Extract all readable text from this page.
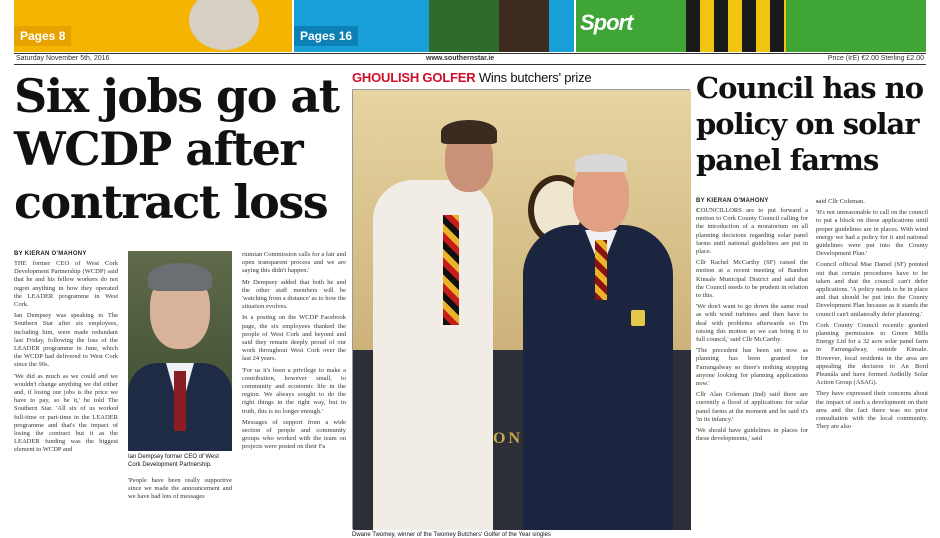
Pages 8	Pages 16
Sport
Saturday November 5th, 2016	www.southernstar.ie	Price (IrE) €2.00 Sterling £2.00
Six jobs go at WCDP after contract loss
BY KIERAN O'MAHONY

THE former CEO of West Cork Development Partnership (WCDP) said that he and his fellow workers do not regret anything in how they operated the LEADER programme in West Cork.

Ian Dempsey was speaking to The Southern Star after six employees, including him, were made redundant last Friday, following the loss of the LEADER programme in June, which the WCDP had delivered to West Cork since the 90s.

'We did as much as we could and we wouldn't change anything we did either and, if losing our jobs is the price we have to pay, so be it,' he told The Southern Star. 'All six of us worked full-time or part-time in the LEADER programme and that's the impact of losing the contract but it as the LEADER funding was the biggest element to WCDP and

Ian Dempsey former CEO of West Cork Development Partnership.

'People have been really supportive since we made the announcement and we have had lots of messages

riumian Commission calls for a fair and open transparent process and we are saying this didn't happen.'

Mr Dempsey added that both he and the other staff members will be 'watching from a distance' as to how the situation evolves.

In a posting on the WCDP Facebook page, the six employees thanked the people of West Cork and beyond and said they remain deeply proud of our work throughout West Cork over the last 24 years.

'For us it's been a privilege to make a contribution, however small, to community and economic life in the region. We always sought to do the right things in the right way, but in truth, this is no longer enough.'

Messages of support from a wide section of people and community groups who worked with the team on projects were posted on their Fa

GHOULISH GOLFER Wins butchers' prize
ON
Dwane Twomey, winner of the Twomey Butchers' Golfer of the Year singles
Council has no policy on solar panel farms
BY KIERAN O'MAHONY

COUNCILLORS are to put forward a motion to Cork County Council calling for the introduction of a moratorium on all planning decisions regarding solar panel farms until national guidelines are put in place.

Cllr Rachel McCarthy (SF) raised the motion at a recent meeting of Bandon Kinsale Municipal District and said that the Council needs to be prudent in relation to this.

'We don't want to go down the same road as with wind turbines and then have to deal with problems afterwards so I'm raising this motion so we can bring it to full council,' said Cllr McCarthy.

'The precedent has been set now as planning has been granted for Farrangalway so there's nothing stopping anyone looking for planning applications now.'

Cllr Alan Coleman (Ind) said there are currently a flood of applications for solar panel farms at the moment and he said it's 'in its infancy.'

'We should have guidelines in places for these developments,' said

said Cllr Coleman.

'It's not unreasonable to call on the council to put a block on these applications until proper guidelines are in places. With wind energy we had a policy for it and national guidelines were put into the County Development Plan.'

Council official Mae Daniel (SF) pointed out that certain procedures have to be taken and that the council can't defer applications. 'A policy needs to be in place and that should be put into the County Development Plan because as it stands the council can't unilaterally defer planning.'

Cork County Council recently granted planning permission to Green Mills Energy Ltd for a 32 acre solar panel farm in Farrangalway, outside Kinsale. However, local residents in the area are appealing the decision to An Bord Pleanála and have formed Ardkilly Solar Action Group (ASAG).

They have expressed their concerns about the impact of such a development on their area and the fact there was no prior consultation with the local community. They are also
